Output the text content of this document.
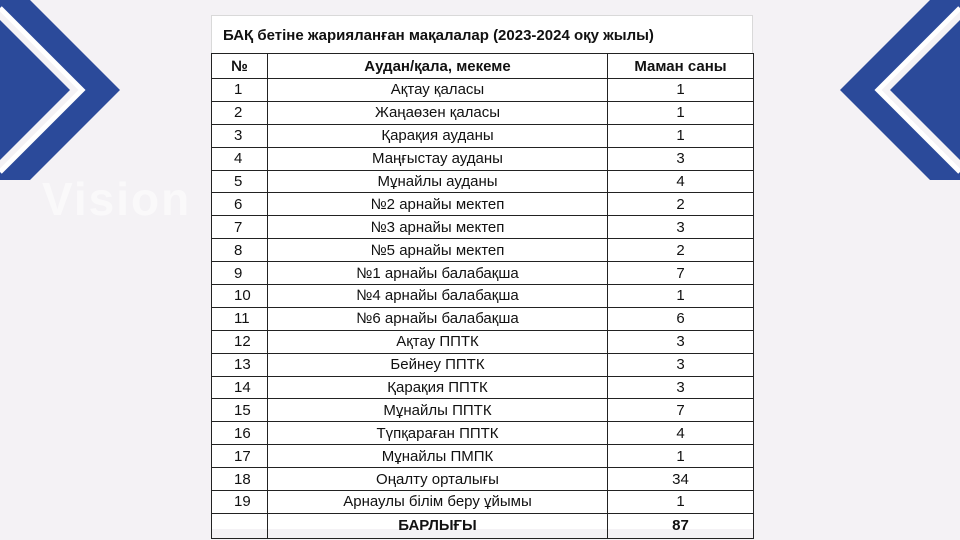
Vision
БАҚ бетіне жарияланған мақалалар (2023-2024 оқу жылы)
№	Аудан/қала, мекеме	Маман саны
1	Ақтау қаласы	1
2	Жаңаөзен қаласы	1
3	Қарақия ауданы	1
4	Маңғыстау ауданы	3
5	Мұнайлы ауданы	4
6	№2 арнайы мектеп	2
7	№3 арнайы мектеп	3
8	№5 арнайы мектеп	2
9	№1 арнайы балабақша	7
10	№4 арнайы балабақша	1
11	№6 арнайы балабақша	6
12	Ақтау ППТК	3
13	Бейнеу ППТК	3
14	Қарақия ППТК	3
15	Мұнайлы ППТК	7
16	Түпқараған ППТК	4
17	Мұнайлы ПМПК	1
18	Оңалту орталығы	34
19	Арнаулы білім беру ұйымы	1
	БАРЛЫҒЫ	87
